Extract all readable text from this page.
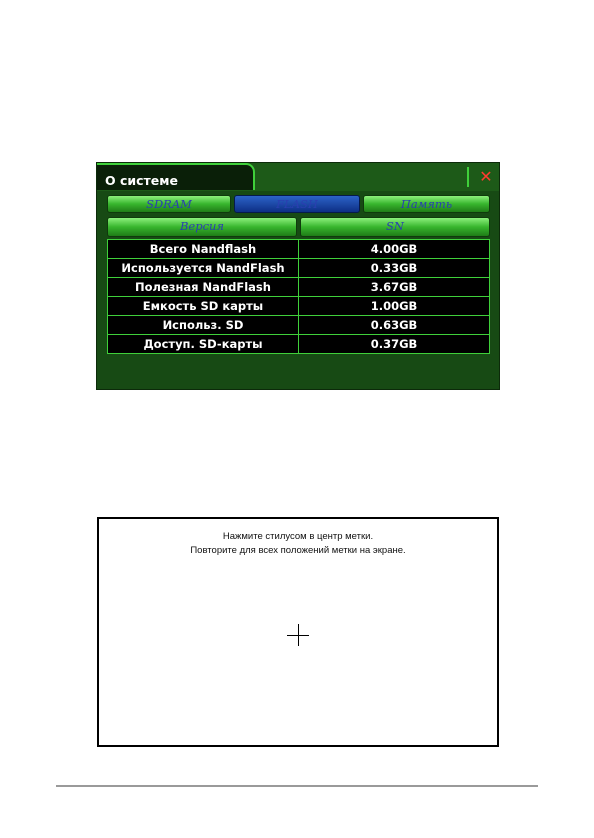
О системе	✕
SDRAM	FLASH	Память
Версия	SN
Всего Nandflash	4.00GB
Используется NandFlash	0.33GB
Полезная NandFlash	3.67GB
Емкость SD карты	1.00GB
Использ. SD	0.63GB
Доступ. SD-карты	0.37GB
Нажмите стилусом в центр метки.
Повторите для всех положений метки на экране.
